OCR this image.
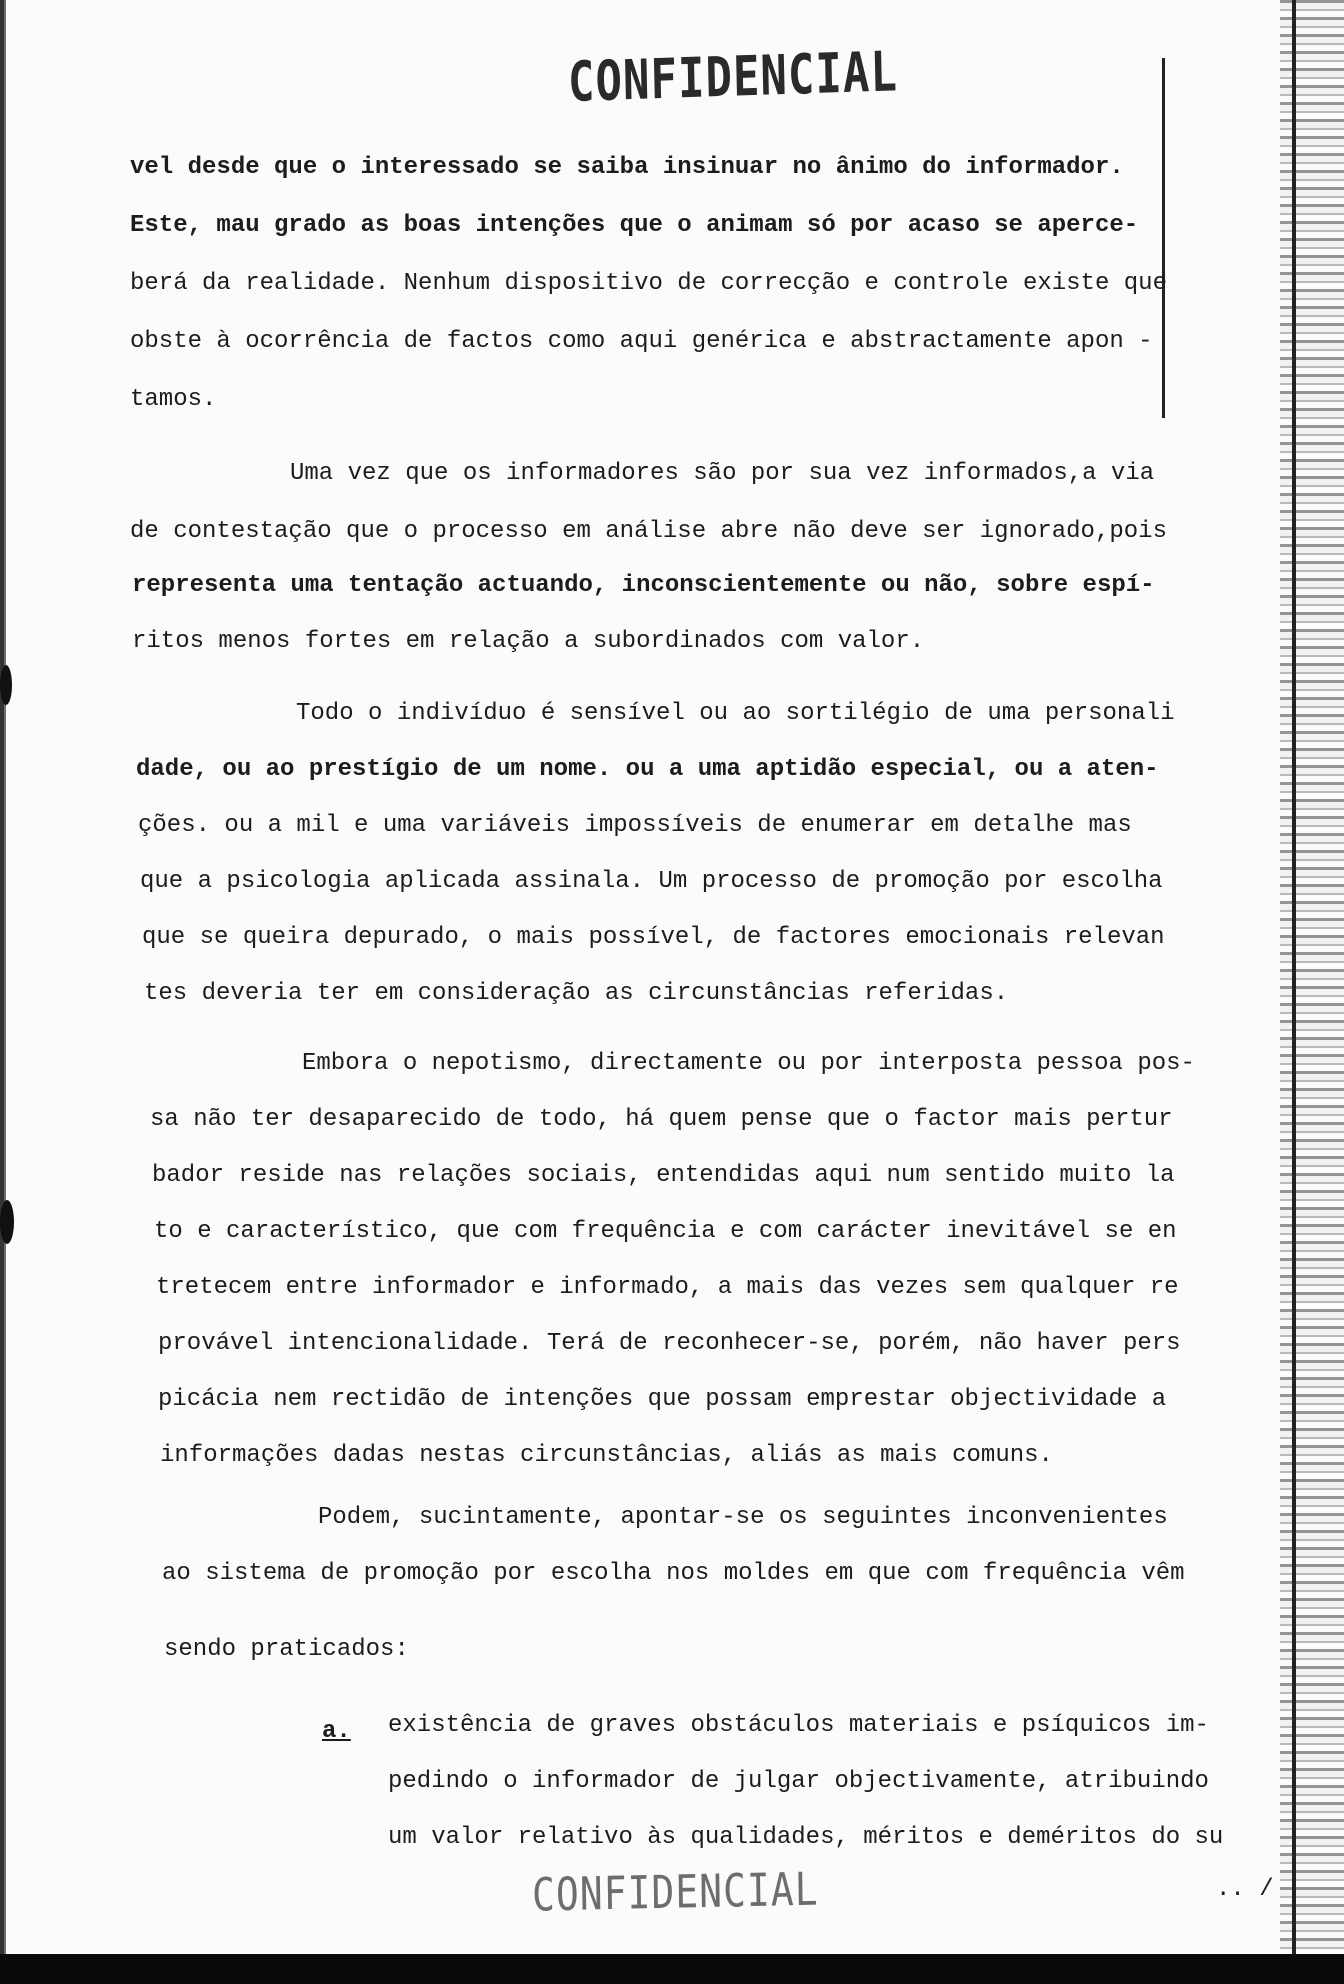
CONFIDENCIAL
vel desde que o interessado se saiba insinuar no ânimo do informador.
Este, mau grado as boas intenções que o animam só por acaso se aperce-
berá da realidade. Nenhum dispositivo de correcção e controle existe que
obste à ocorrência de factos como aqui genérica e abstractamente apon -
tamos.
Uma vez que os informadores são por sua vez informados,a via
de contestação que o processo em análise abre não deve ser ignorado,pois
representa uma tentação actuando, inconscientemente ou não, sobre espí-
ritos menos fortes em relação a subordinados com valor.
Todo o indivíduo é sensível ou ao sortilégio de uma personali
dade, ou ao prestígio de um nome. ou a uma aptidão especial, ou a aten-
ções. ou a mil e uma variáveis impossíveis de enumerar em detalhe mas
que a psicologia aplicada assinala. Um processo de promoção por escolha
que se queira depurado, o mais possível, de factores emocionais relevan
tes deveria ter em consideração as circunstâncias referidas.
Embora o nepotismo, directamente ou por interposta pessoa pos-
sa não ter desaparecido de todo, há quem pense que o factor mais pertur
bador reside nas relações sociais, entendidas aqui num sentido muito la
to e característico, que com frequência e com carácter inevitável se en
tretecem entre informador e informado, a mais das vezes sem qualquer re
provável intencionalidade. Terá de reconhecer-se, porém, não haver pers
picácia nem rectidão de intenções que possam emprestar objectividade a
informações dadas nestas circunstâncias, aliás as mais comuns.
Podem, sucintamente, apontar-se os seguintes inconvenientes
ao sistema de promoção por escolha nos moldes em que com frequência vêm
sendo praticados:
a. existência de graves obstáculos materiais e psíquicos im-
pedindo o informador de julgar objectivamente, atribuindo
um valor relativo às qualidades, méritos e deméritos do su
CONFIDENCIAL	.. /
